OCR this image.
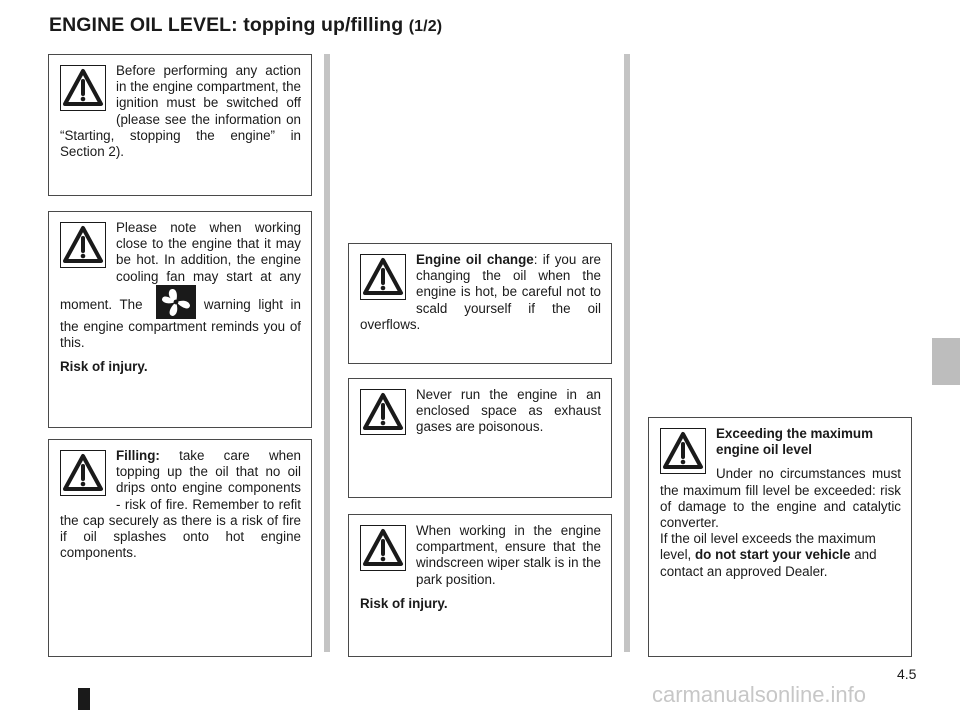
ENGINE OIL LEVEL: topping up/filling (1/2)

Before performing any action in the engine compartment, the ignition must be switched off (please see the information on “Starting, stopping the engine” in Section 2).

Please note when working close to the engine that it may be hot. In addition, the engine cooling fan may start at any moment. The	warning light in the engine compartment reminds you of this.

Risk of injury.

Filling: take care when topping up the oil that no oil drips onto engine components - risk of fire. Remember to refit the cap securely as there is a risk of fire if oil splashes onto hot engine components.

Engine oil change: if you are changing the oil when the engine is hot, be careful not to scald yourself if the oil overflows.

Never run the engine in an enclosed space as exhaust gases are poisonous.

When working in the engine compartment, ensure that the windscreen wiper stalk is in the park position.

Risk of injury.

Exceeding the maximum engine oil level

Under no circumstances must the maximum fill level be exceeded: risk of damage to the engine and catalytic converter.

If the oil level exceeds the maximum level, do not start your vehicle and contact an approved Dealer.

4.5
carmanualsonline.info
